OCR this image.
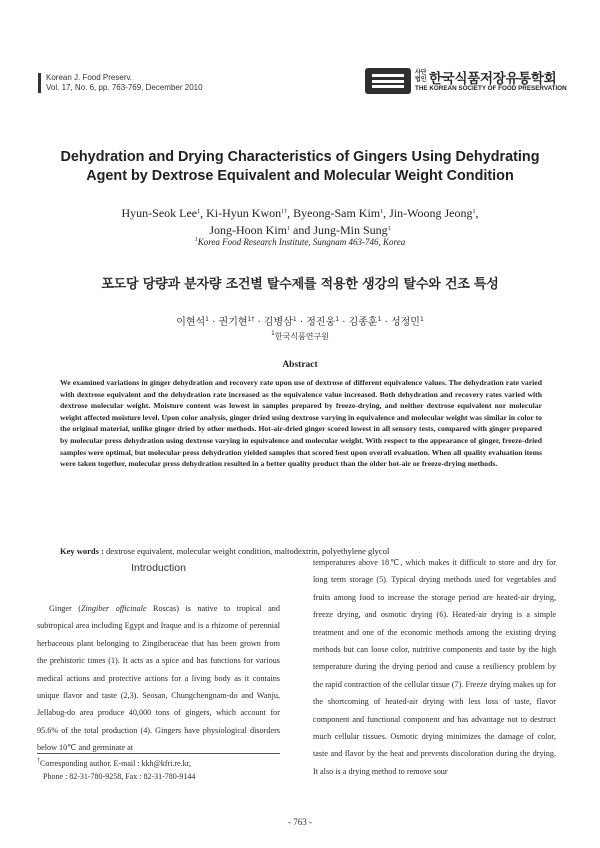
Korean J. Food Preserv.
Vol. 17, No. 6, pp. 763-769, December 2010
사단법인 한국식품저장유통학회
THE KOREAN SOCIETY OF FOOD PRESERVATION
Dehydration and Drying Characteristics of Gingers Using Dehydrating
Agent by Dextrose Equivalent and Molecular Weight Condition
Hyun-Seok Lee$^1$, Ki-Hyun Kwon$^{1\dagger}$, Byeong-Sam Kim$^1$, Jin-Woong Jeong$^1$,
Jong-Hoon Kim$^1$ and Jung-Min Sung$^1$
$^1$Korea Food Research Institute, Sungnam 463-746, Korea
포도당 당량과 분자량 조건별 탈수제를 적용한 생강의 탈수와 건조 특성
이현석$^1$ · 권기현$^{1\dagger}$ · 김병삼$^1$ · 정진웅$^1$ · 김종훈$^1$ · 성정민$^1$
$^1$한국식품연구원
Abstract
We examined variations in ginger dehydration and recovery rate upon use of dextrose of different equivalence values. The dehydration rate varied with dextrose equivalent and the dehydration rate increased as the equivalence value increased. Both dehydration and recovery rates varied with dextrose molecular weight. Moisture content was lowest in samples prepared by freeze-drying, and neither dextrose equivalent nor molecular weight affected moisture level. Upon color analysis, ginger dried using dextrose varying in equivalence and molecular weight was similar in color to the original material, unlike ginger dried by other methods. Hot-air-dried ginger scored lowest in all sensory tests, compared with ginger prepared by molecular press dehydration using dextrose varying in equivalence and molecular weight. With respect to the appearance of ginger, freeze-dried samples were optimal, but molecular press dehydration yielded samples that scored best upon overall evaluation. When all quality evaluation items were taken together, molecular press dehydration resulted in a better quality product than the older hot-air or freeze-drying methods.
Key words : dextrose equivalent, molecular weight condition, maltodextrin, polyethylene glycol
Introduction
Ginger (Zingiber officinale Roscas) is native to tropical and subtropical area including Egypt and Iraque and is a rhizome of perennial herbaceous plant belonging to Zingiberaceae that has been grown from the prehistoric times (1). It acts as a spice and has functions for various medical actions and protective actions for a living body as it contains unique flavor and taste (2,3). Seosan, Chungchengnam-do and Wanju, Jellabug-do area produce 40,000 tons of gingers, which account for 95.6% of the total production (4). Gingers have physiological disorders below 10℃ and germinate at
temperatures above 18℃, which makes it difficult to store and dry for long term storage (5). Typical drying methods used for vegetables and fruits among food to increase the storage period are heated-air drying, freeze drying, and osmotic drying (6). Heated-air drying is a simple treatment and one of the economic methods among the existing drying methods but can loose color, nutritive components and taste by the high temperature during the drying period and cause a resiliency problem by the rapid contraction of the cellular tissue (7). Freeze drying makes up for the shortcoming of heated-air drying with less loss of taste, flavor component and functional component and has advantage not to destruct much cellular tissues. Osmotic drying minimizes the damage of color, taste and flavor by the heat and prevents discoloration during the drying. It also is a drying method to remove sour
†Corresponding author. E-mail : kkh@kfri.re.kr,
Phone : 82-31-780-9258, Fax : 82-31-780-9144
- 763 -
